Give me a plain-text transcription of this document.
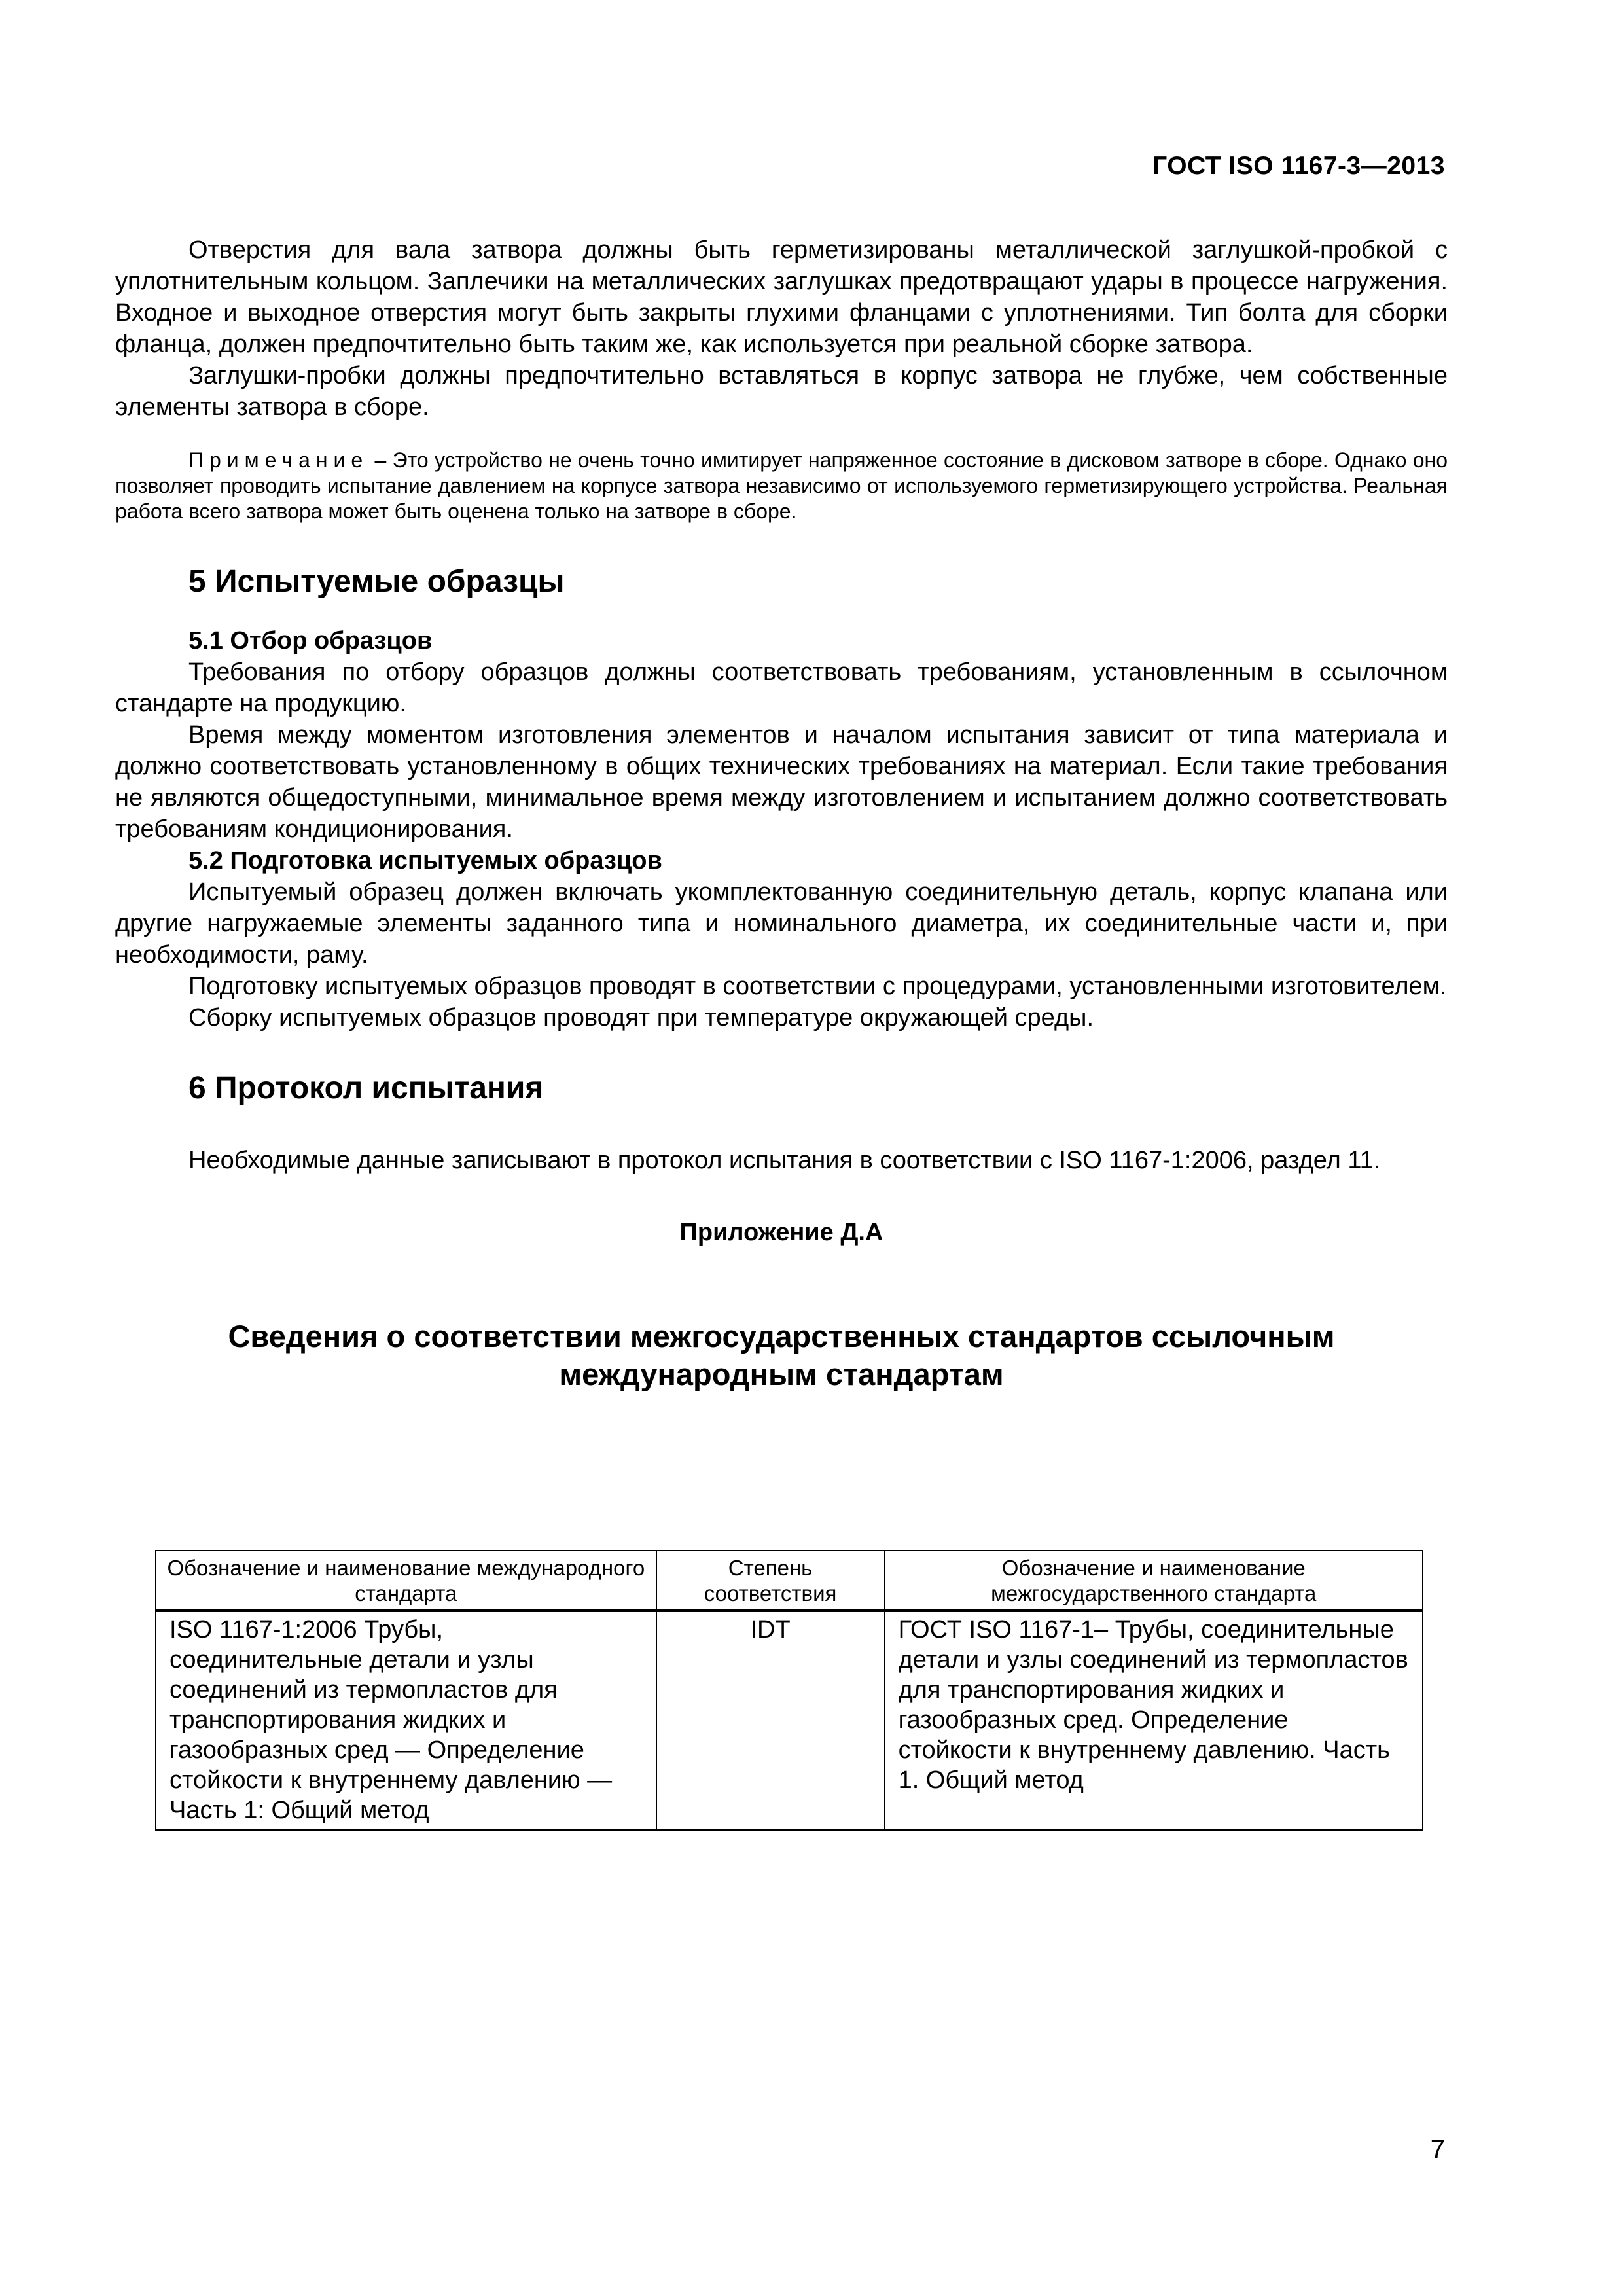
ГОСТ ISO 1167-3—2013

Отверстия для вала затвора должны быть герметизированы металлической заглушкой-пробкой с уплотнительным кольцом. Заплечики на металлических заглушках предотвращают удары в процессе нагружения. Входное и выходное отверстия могут быть закрыты глухими фланцами с уплотнениями. Тип болта для сборки фланца, должен предпочтительно быть таким же, как используется при реальной сборке затвора.

Заглушки-пробки должны предпочтительно вставляться в корпус затвора не глубже, чем собственные элементы затвора в сборе.

Примечание – Это устройство не очень точно имитирует напряженное состояние в дисковом затворе в сборе. Однако оно позволяет проводить испытание давлением на корпусе затвора независимо от используемого герметизирующего устройства. Реальная работа всего затвора может быть оценена только на затворе в сборе.

5 Испытуемые образцы
5.1 Отбор образцов

Требования по отбору образцов должны соответствовать требованиям, установленным в ссылочном стандарте на продукцию.

Время между моментом изготовления элементов и началом испытания зависит от типа материала и должно соответствовать установленному в общих технических требованиях на материал. Если такие требования не являются общедоступными, минимальное время между изготовлением и испытанием должно соответствовать требованиям кондиционирования.

5.2 Подготовка испытуемых образцов

Испытуемый образец должен включать укомплектованную соединительную деталь, корпус клапана или другие нагружаемые элементы заданного типа и номинального диаметра, их соединительные части и, при необходимости, раму.

Подготовку испытуемых образцов проводят в соответствии с процедурами, установленными изготовителем.

Сборку испытуемых образцов проводят при температуре окружающей среды.

6 Протокол испытания

Необходимые данные записывают в протокол испытания в соответствии с ISO 1167-1:2006, раздел 11.

Приложение Д.А
Сведения о соответствии межгосударственных стандартов ссылочным
международным стандартам
Обозначение и наименование международного стандарта	Степень соответствия	Обозначение и наименование межгосударственного стандарта
ISO 1167-1:2006 Трубы, соединительные детали и узлы соединений из термопластов для транспортирования жидких и газообразных сред — Определение стойкости к внутреннему давлению — Часть 1: Общий метод	IDT	ГОСТ ISO 1167-1– Трубы, соединительные детали и узлы соединений из термопластов для транспортирования жидких и газообразных сред. Определение стойкости к внутреннему давлению. Часть 1. Общий метод
7
